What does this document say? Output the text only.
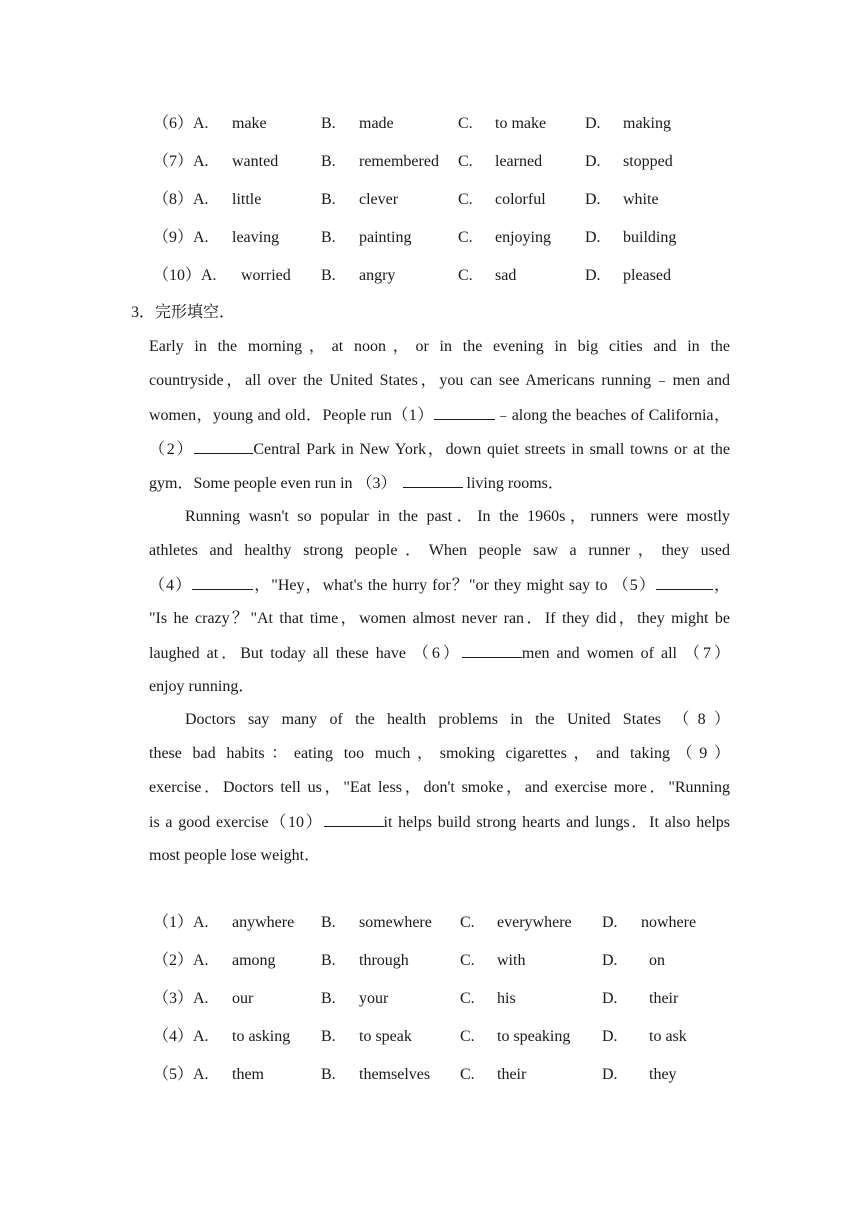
（6）A. make	B. made	C. to make D. making
（7）A. wanted	B. remembered C. learned	D. stopped
（8）A. little	B. clever	C. colorful D. white
（9）A. leaving	B. painting	C. enjoying D. building
（10）A. worried B. angry	C. sad	D. pleased
3．完形填空．
Early in the morning，at noon，or in the evening in big cities and in the
countryside，all over the United States，you can see Americans running﹣men and
women，young and old．People run（1）	﹣along the beaches of California，
（2）	Central Park in New York，down quiet streets in small towns or at the
gym．Some people even run in （3）	living rooms．
Running wasn't so popular in the past．In the 1960s，runners were mostly
athletes and healthy strong people．When people saw a runner，they used
（4）	，"Hey，what's the hurry for？"or they might say to （5）	，
"Is he crazy？"At that time，women almost never ran．If they did，they might be
laughed at．But today all these have （6）	men and women of all （7）
enjoy running．
Doctors say many of the health problems in the United States （8）
these bad habits：eating too much，smoking cigarettes，and taking（9）
exercise．Doctors tell us，"Eat less，don't smoke，and exercise more．"Running
is a good exercise（10）	it helps build strong hearts and lungs．It also helps
most people lose weight．
（1）A. anywhere B. somewhere C. everywhere D. nowhere
（2）A. among	B. through	C. with	D. on
（3）A. our	B. your	C. his	D. their
（4）A. to asking B. to speak	C. to speaking D. to ask
（5）A. them	B. themselves C. their	D. they
